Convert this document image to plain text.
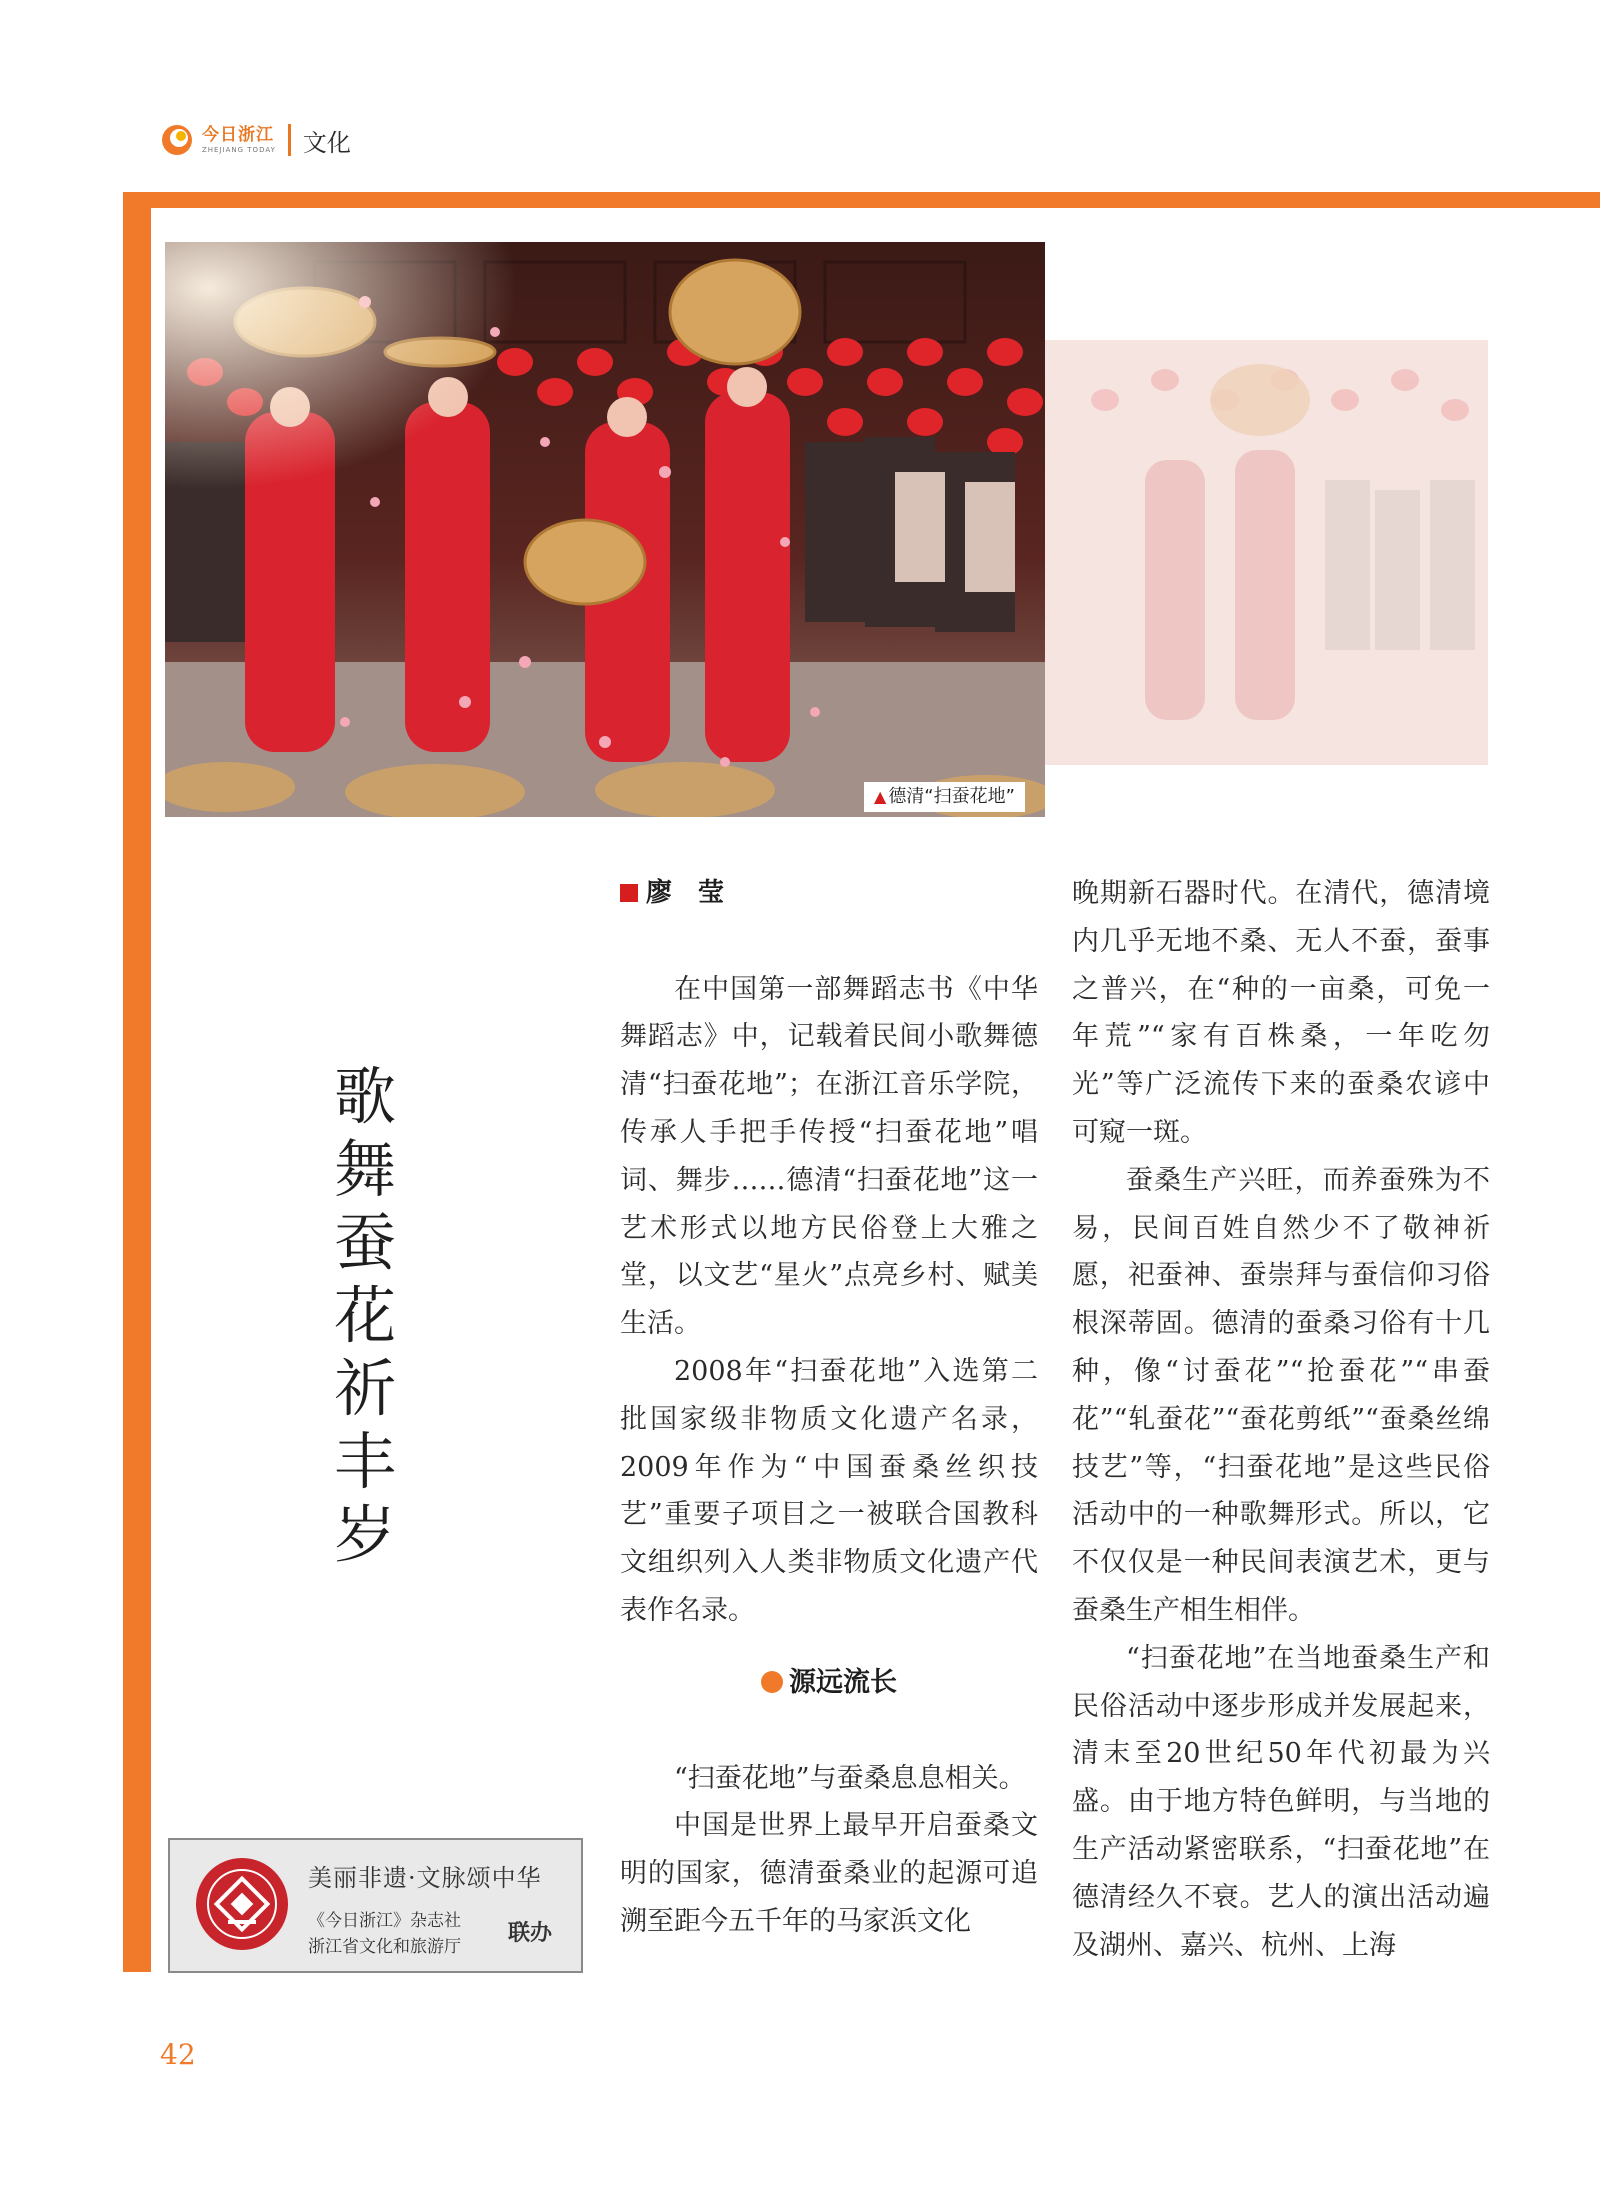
今日浙江
ZHEJIANG TODAY 文化
▲ 德清“扫蚕花地”
歌
舞
蚕
花
祈
丰
岁
廖　莹

在中国第一部舞蹈志书《中华舞蹈志》中，记载着民间小歌舞德清“扫蚕花地”；在浙江音乐学院，传承人手把手传授“扫蚕花地”唱词、舞步……德清“扫蚕花地”这一艺术形式以地方民俗登上大雅之堂，以文艺“星火”点亮乡村、赋美生活。

2008年“扫蚕花地”入选第二批国家级非物质文化遗产名录，2009年作为“中国蚕桑丝织技艺”重要子项目之一被联合国教科文组织列入人类非物质文化遗产代表作名录。

源远流长

“扫蚕花地”与蚕桑息息相关。

中国是世界上最早开启蚕桑文明的国家，德清蚕桑业的起源可追溯至距今五千年的马家浜文化

晚期新石器时代。在清代，德清境内几乎无地不桑、无人不蚕，蚕事之普兴，在“种的一亩桑，可免一年荒”“家有百株桑，一年吃勿光”等广泛流传下来的蚕桑农谚中可窥一斑。

蚕桑生产兴旺，而养蚕殊为不易，民间百姓自然少不了敬神祈愿，祀蚕神、蚕崇拜与蚕信仰习俗根深蒂固。德清的蚕桑习俗有十几种，像“讨蚕花”“抢蚕花”“串蚕花”“轧蚕花”“蚕花剪纸”“蚕桑丝绵技艺”等，“扫蚕花地”是这些民俗活动中的一种歌舞形式。所以，它不仅仅是一种民间表演艺术，更与蚕桑生产相生相伴。

“扫蚕花地”在当地蚕桑生产和民俗活动中逐步形成并发展起来，清末至20世纪50年代初最为兴盛。由于地方特色鲜明，与当地的生产活动紧密联系，“扫蚕花地”在德清经久不衰。艺人的演出活动遍及湖州、嘉兴、杭州、上海

美丽非遗·文脉颂中华
《今日浙江》杂志社
浙江省文化和旅游厅
联办
42
